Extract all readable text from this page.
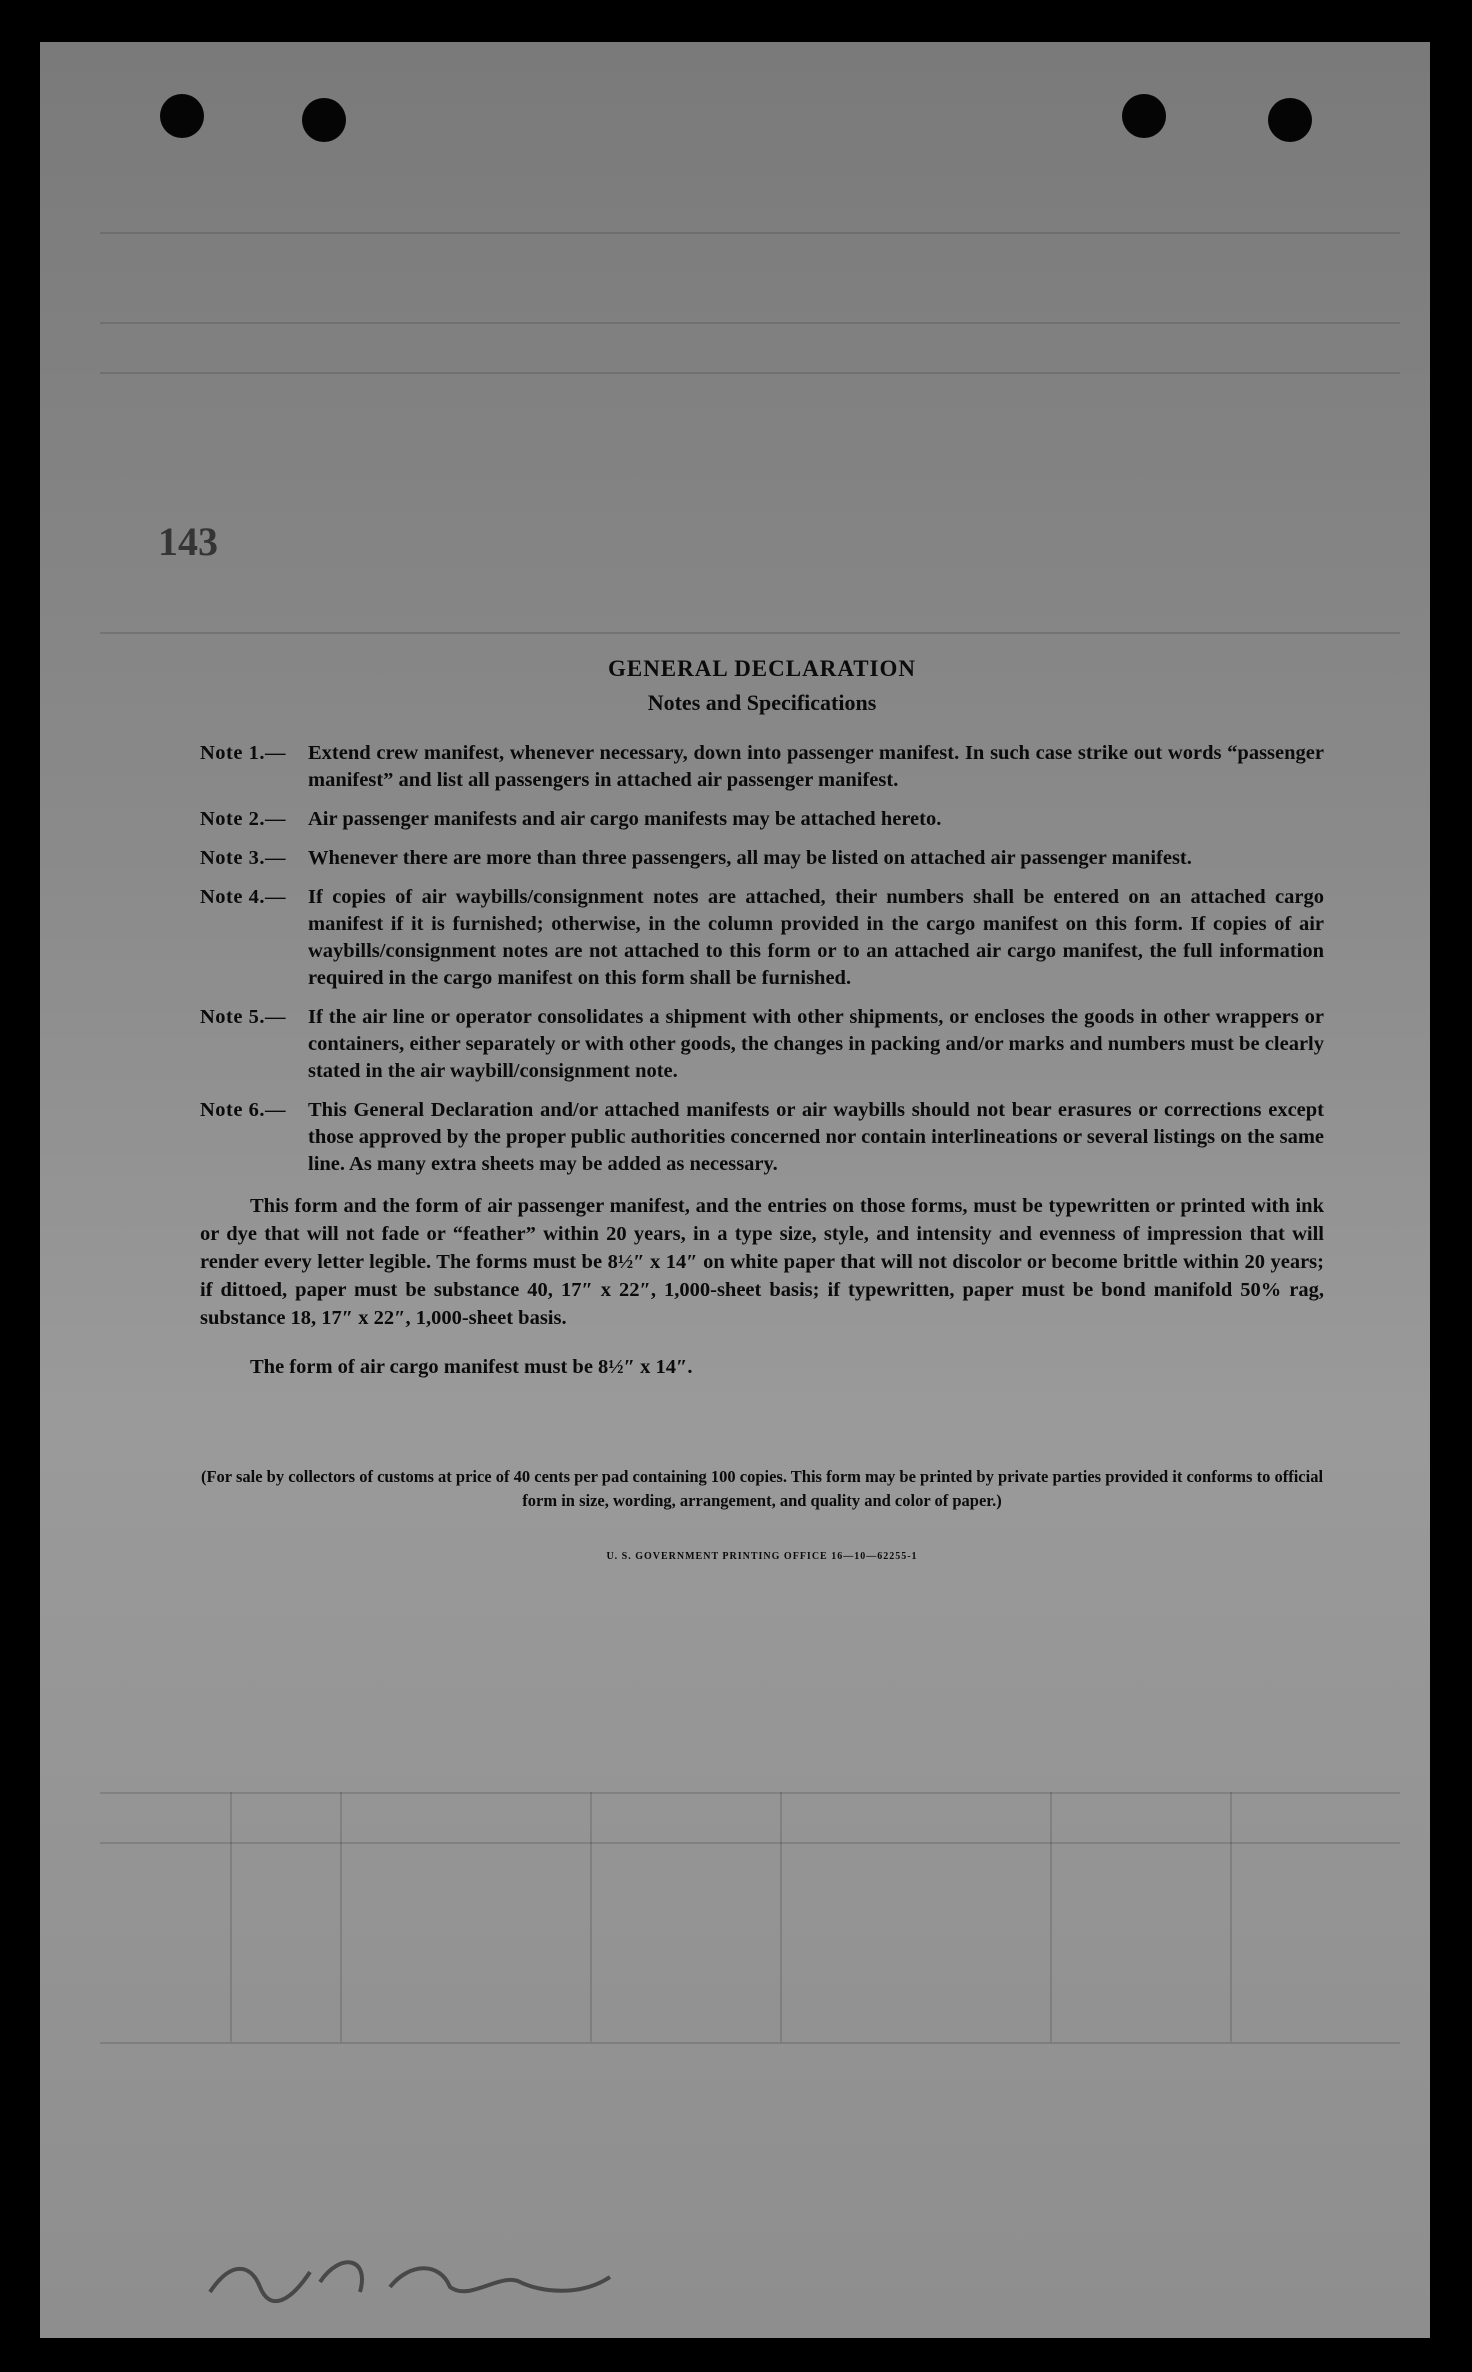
143
GENERAL DECLARATION
Notes and Specifications
Note 1.—	Extend crew manifest, whenever necessary, down into passenger manifest. In such case strike out words “passenger manifest” and list all passengers in attached air passenger manifest.
Note 2.—	Air passenger manifests and air cargo manifests may be attached hereto.
Note 3.—	Whenever there are more than three passengers, all may be listed on attached air passenger manifest.
Note 4.—	If copies of air waybills/consignment notes are attached, their numbers shall be entered on an attached cargo manifest if it is furnished; otherwise, in the column provided in the cargo manifest on this form. If copies of air waybills/consignment notes are not attached to this form or to an attached air cargo manifest, the full information required in the cargo manifest on this form shall be furnished.
Note 5.—	If the air line or operator consolidates a shipment with other shipments, or encloses the goods in other wrappers or containers, either separately or with other goods, the changes in packing and/or marks and numbers must be clearly stated in the air waybill/consignment note.
Note 6.—	This General Declaration and/or attached manifests or air waybills should not bear erasures or corrections except those approved by the proper public authorities concerned nor contain interlineations or several listings on the same line. As many extra sheets may be added as necessary.

This form and the form of air passenger manifest, and the entries on those forms, must be typewritten or printed with ink or dye that will not fade or “feather” within 20 years, in a type size, style, and intensity and evenness of impression that will render every letter legible. The forms must be 8½″ x 14″ on white paper that will not discolor or become brittle within 20 years; if dittoed, paper must be substance 40, 17″ x 22″, 1,000-sheet basis; if typewritten, paper must be bond manifold 50% rag, substance 18, 17″ x 22″, 1,000-sheet basis.

The form of air cargo manifest must be 8½″ x 14″.
(For sale by collectors of customs at price of 40 cents per pad containing 100 copies. This form may be printed by private parties provided it conforms to official form in size, wording, arrangement, and quality and color of paper.)
U. S. GOVERNMENT PRINTING OFFICE 16—10—62255-1
